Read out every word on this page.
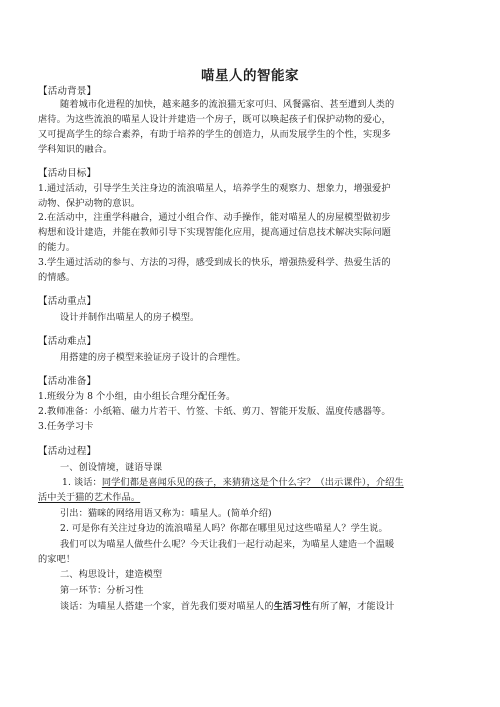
喵星人的智能家
【活动背景】
随着城市化进程的加快，越来越多的流浪猫无家可归、风餐露宿、甚至遭到人类的
虐待。为这些流浪的喵星人设计并建造一个房子，既可以唤起孩子们保护动物的爱心，
又可提高学生的综合素养，有助于培养的学生的创造力，从而发展学生的个性，实现多
学科知识的融合。
【活动目标】
1.通过活动，引导学生关注身边的流浪喵星人，培养学生的观察力、想象力，增强爱护
动物、保护动物的意识。
2.在活动中，注重学科融合，通过小组合作、动手操作，能对喵星人的房屋模型做初步
构想和设计建造，并能在教师引导下实现智能化应用，提高通过信息技术解决实际问题
的能力。
3.学生通过活动的参与、方法的习得，感受到成长的快乐，增强热爱科学、热爱生活的
的情感。
【活动重点】
设计并制作出喵星人的房子模型。
【活动难点】
用搭建的房子模型来验证房子设计的合理性。
【活动准备】
1.班级分为 8 个小组，由小组长合理分配任务。
2.教师准备：小纸箱、磁力片若干、竹签、卡纸、剪刀、智能开发版、温度传感器等。
3.任务学习卡
【活动过程】
一、创设情境，谜语导课
1. 谈话：同学们都是喜闻乐见的孩子，来猜猜这是个什么字？（出示课件），介绍生
活中关于猫的艺术作品。
引出：猫咪的网络用语又称为：喵星人。(简单介绍)
2. 可是你有关注过身边的流浪喵星人吗？你都在哪里见过这些喵星人？学生说。
我们可以为喵星人做些什么呢？今天让我们一起行动起来，为喵星人建造一个温暖
的家吧！
二、构思设计，建造模型
第一环节：分析习性
谈话：为喵星人搭建一个家，首先我们要对喵星人的生活习性有所了解，才能设计
